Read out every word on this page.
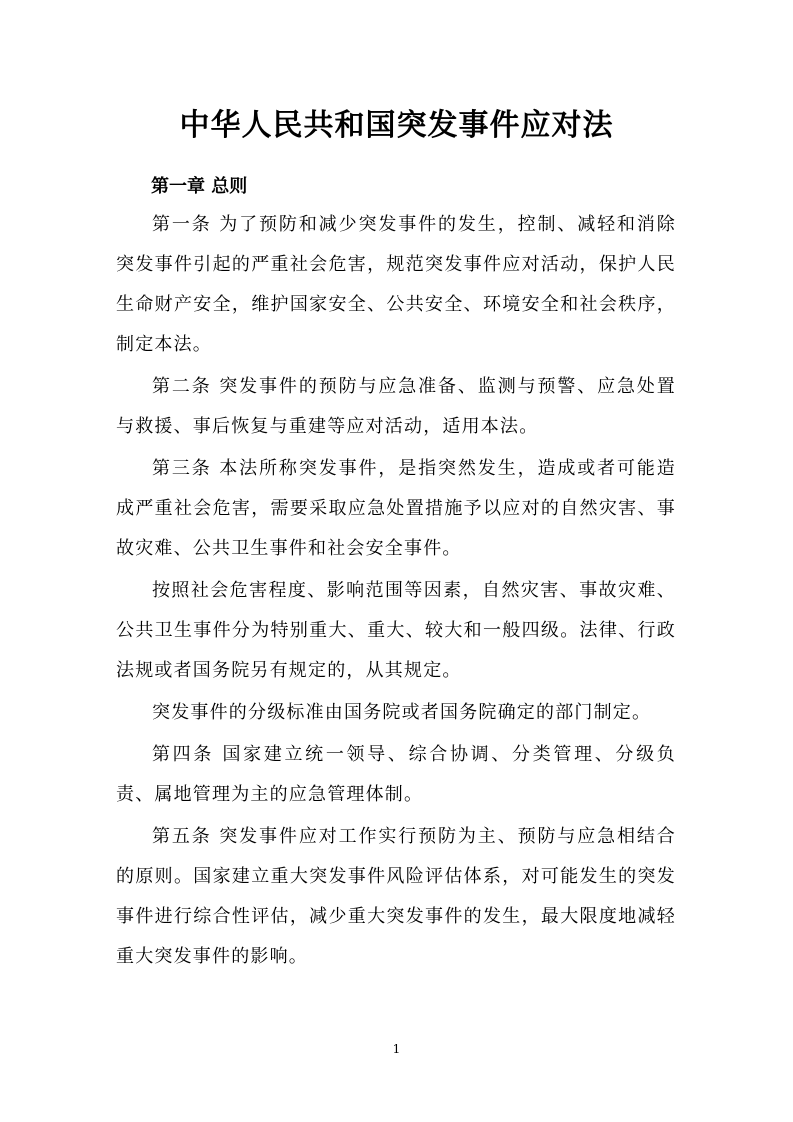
中华人民共和国突发事件应对法
第一章 总则

第一条 为了预防和减少突发事件的发生，控制、减轻和消除突发事件引起的严重社会危害，规范突发事件应对活动，保护人民生命财产安全，维护国家安全、公共安全、环境安全和社会秩序，制定本法。

第二条 突发事件的预防与应急准备、监测与预警、应急处置与救援、事后恢复与重建等应对活动，适用本法。

第三条 本法所称突发事件，是指突然发生，造成或者可能造成严重社会危害，需要采取应急处置措施予以应对的自然灾害、事故灾难、公共卫生事件和社会安全事件。

按照社会危害程度、影响范围等因素，自然灾害、事故灾难、公共卫生事件分为特别重大、重大、较大和一般四级。法律、行政法规或者国务院另有规定的，从其规定。

突发事件的分级标准由国务院或者国务院确定的部门制定。

第四条 国家建立统一领导、综合协调、分类管理、分级负责、属地管理为主的应急管理体制。

第五条 突发事件应对工作实行预防为主、预防与应急相结合的原则。国家建立重大突发事件风险评估体系，对可能发生的突发事件进行综合性评估，减少重大突发事件的发生，最大限度地减轻重大突发事件的影响。

1
